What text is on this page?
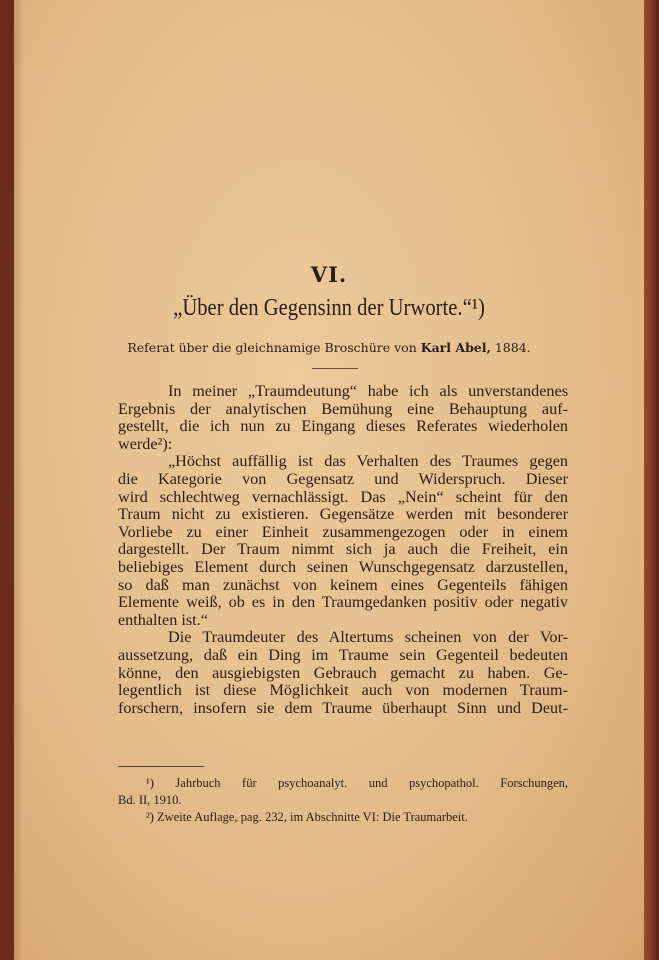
VI.
„Über den Gegensinn der Urworte.“¹)
Referat über die gleichnamige Broschüre von Karl Abel, 1884.

In meiner „Traumdeutung“ habe ich als unverstandenes
Ergebnis der analytischen Bemühung eine Behauptung auf-
gestellt, die ich nun zu Eingang dieses Referates wiederholen
werde²):

„Höchst auffällig ist das Verhalten des Traumes gegen
die Kategorie von Gegensatz und Widerspruch. Dieser
wird schlechtweg vernachlässigt. Das „Nein“ scheint für den
Traum nicht zu existieren. Gegensätze werden mit besonderer
Vorliebe zu einer Einheit zusammengezogen oder in einem
dargestellt. Der Traum nimmt sich ja auch die Freiheit, ein
beliebiges Element durch seinen Wunschgegensatz darzustellen,
so daß man zunächst von keinem eines Gegenteils fähigen
Elemente weiß, ob es in den Traumgedanken positiv oder negativ
enthalten ist.“

Die Traumdeuter des Altertums scheinen von der Vor-
aussetzung, daß ein Ding im Traume sein Gegenteil bedeuten
könne, den ausgiebigsten Gebrauch gemacht zu haben. Ge-
legentlich ist diese Möglichkeit auch von modernen Traum-
forschern, insofern sie dem Traume überhaupt Sinn und Deut-

¹) Jahrbuch für psychoanalyt. und psychopathol. Forschungen,
Bd. II, 1910.
²) Zweite Auflage, pag. 232, im Abschnitte VI: Die Traumarbeit.
